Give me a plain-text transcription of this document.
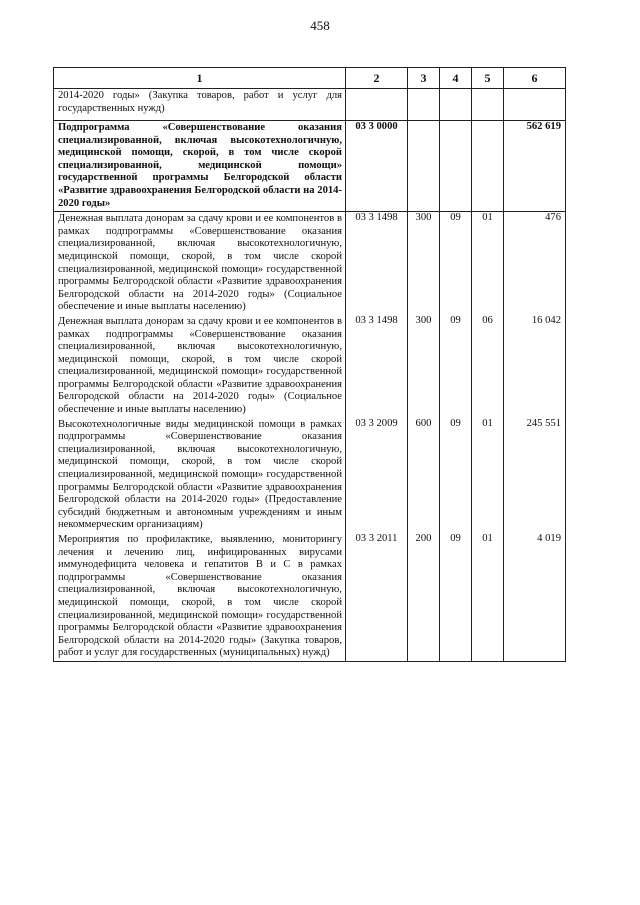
458
1	2	3	4	5	6
2014-2020 годы» (Закупка товаров, работ и услуг для государственных нужд)					
Подпрограмма «Совершенствование оказания специализированной, включая высокотехнологичную, медицинской помощи, скорой, в том числе скорой специализированной, медицинской помощи» государственной программы Белгородской области «Развитие здравоохранения Белгородской области на 2014-2020 годы»	03 3 0000				562 619
Денежная выплата донорам за сдачу крови и ее компонентов в рамках подпрограммы «Совершенствование оказания специализированной, включая высокотехнологичную, медицинской помощи, скорой, в том числе скорой специализированной, медицинской помощи» государственной программы Белгородской области «Развитие здравоохранения Белгородской области на 2014-2020 годы» (Социальное обеспечение и иные выплаты населению)	03 3 1498	300	09	01	476
Денежная выплата донорам за сдачу крови и ее компонентов в рамках подпрограммы «Совершенствование оказания специализированной, включая высокотехнологичную, медицинской помощи, скорой, в том числе скорой специализированной, медицинской помощи» государственной программы Белгородской области «Развитие здравоохранения Белгородской области на 2014-2020 годы» (Социальное обеспечение и иные выплаты населению)	03 3 1498	300	09	06	16 042
Высокотехнологичные виды медицинской помощи в рамках подпрограммы «Совершенствование оказания специализированной, включая высокотехнологичную, медицинской помощи, скорой, в том числе скорой специализированной, медицинской помощи» государственной программы Белгородской области «Развитие здравоохранения Белгородской области на 2014-2020 годы» (Предоставление субсидий бюджетным и автономным учреждениям и иным некоммерческим организациям)	03 3 2009	600	09	01	245 551
Мероприятия по профилактике, выявлению, мониторингу лечения и лечению лиц, инфицированных вирусами иммунодефицита человека и гепатитов В и С в рамках подпрограммы «Совершенствование оказания специализированной, включая высокотехнологичную, медицинской помощи, скорой, в том числе скорой специализированной, медицинской помощи» государственной программы Белгородской области «Развитие здравоохранения Белгородской области на 2014-2020 годы» (Закупка товаров, работ и услуг для государственных (муниципальных) нужд)	03 3 2011	200	09	01	4 019
